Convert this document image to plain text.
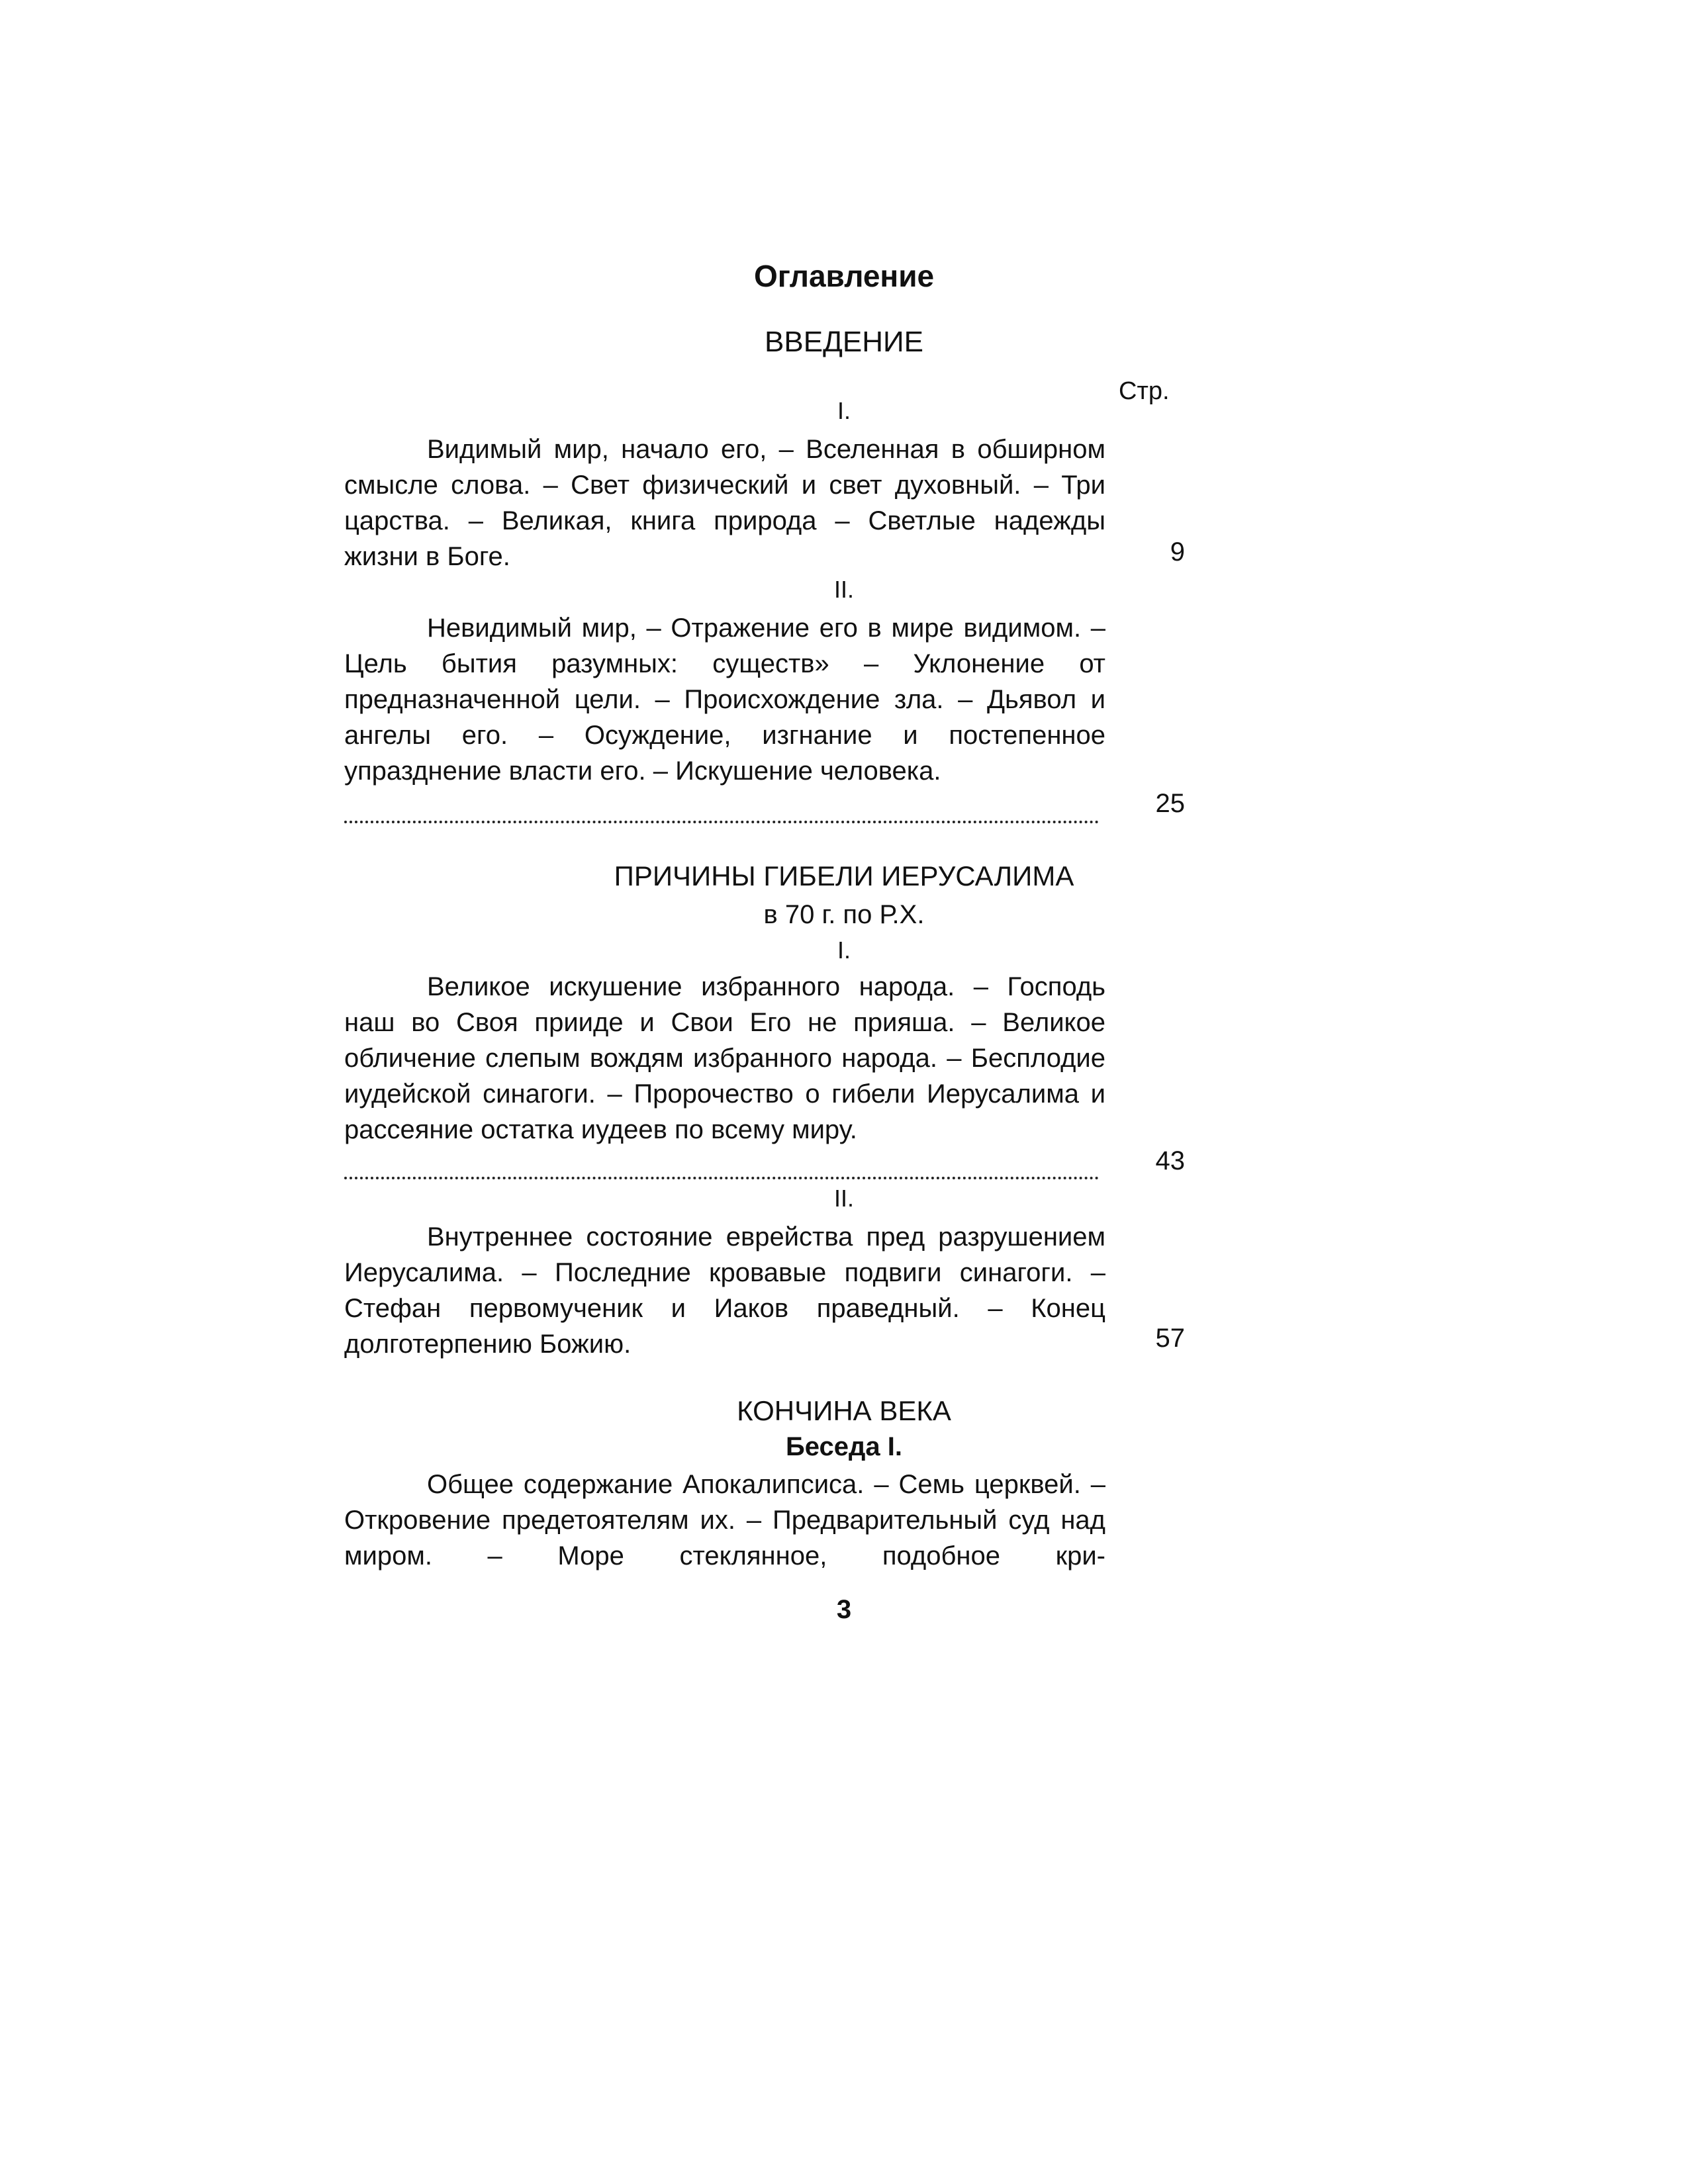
Оглавление
ВВЕДЕНИЕ
Стр.
I.
Видимый мир, начало его, – Вселенная в обширном смысле слова. – Свет физический и свет духовный. – Три царства. – Великая, книга природа – Светлые надежды жизни в Боге.	9
II.
Невидимый мир, – Отражение его в мире видимом. – Цель бытия разумных: существ» – Уклонение от предназначенной цели. – Происхождение зла. – Дьявол и ангелы его. – Осуждение, изгнание и постепенное упразднение власти его. – Искушение человека.
25
ПРИЧИНЫ ГИБЕЛИ ИЕРУСАЛИМА
в 70 г. по Р.Х.
I.
Великое искушение избранного народа. – Господь наш во Своя прииде и Свои Его не прияша. – Великое обличение слепым вождям избранного народа. – Бесплодие иудейской синагоги. – Пророчество о гибели Иерусалима и рассеяние остатка иудеев по всему миру.
43
II.
Внутреннее состояние еврейства пред разрушением Иерусалима. – Последние кровавые подвиги синагоги. – Стефан первомученик и Иаков праведный. – Конец долготерпению Божию.	57
КОНЧИНА ВЕКА
Беседа I.
Общее содержание Апокалипсиса. – Семь церквей. – Откровение предетоятелям их. – Предварительный суд над миром. – Море стеклянное, подобное кри-
3
